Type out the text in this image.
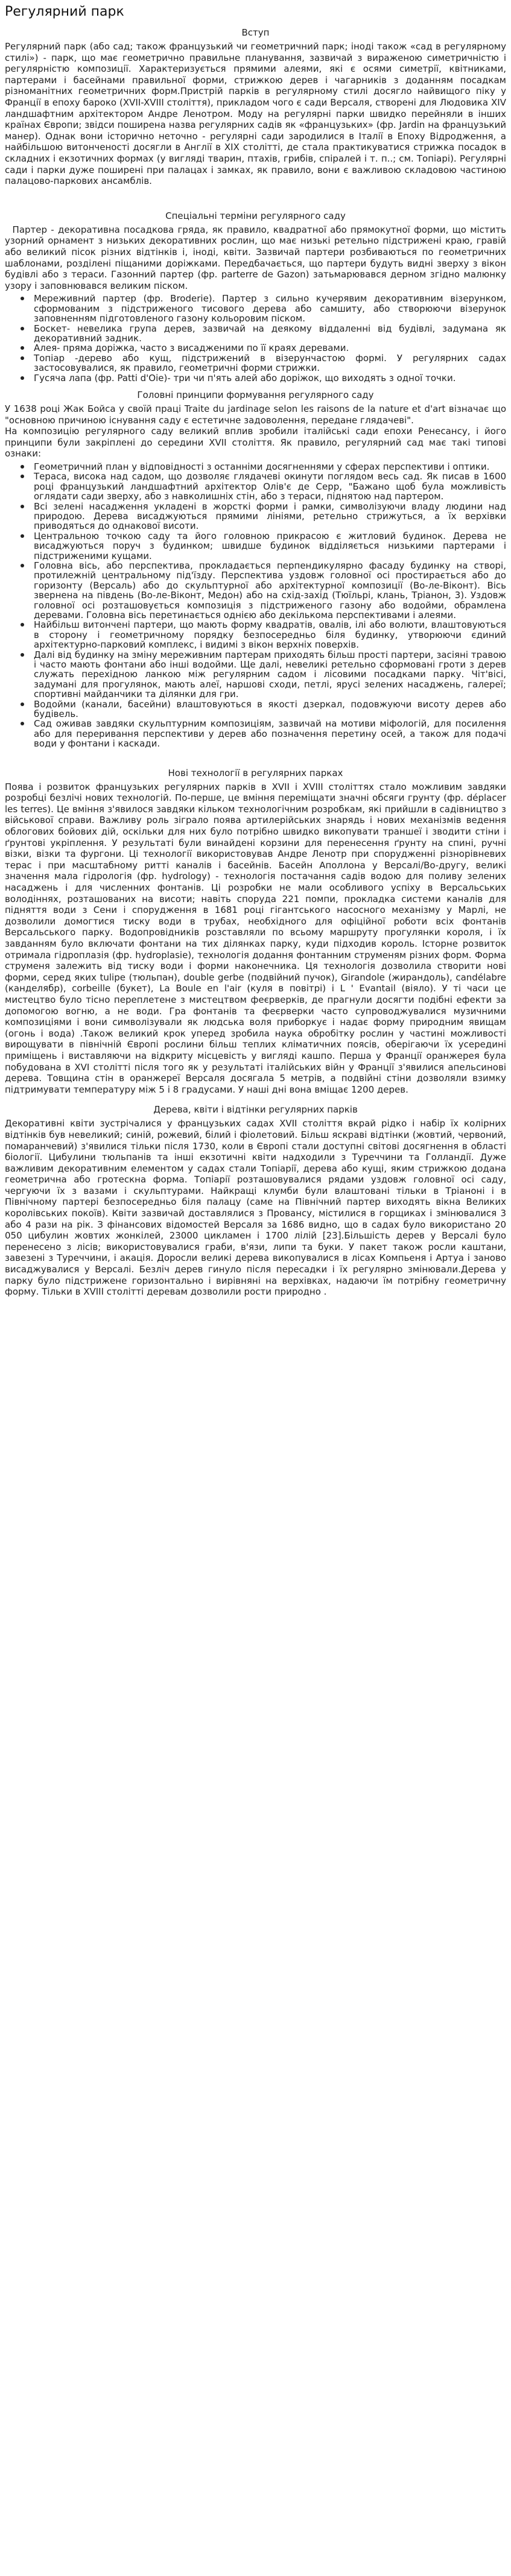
Регулярний парк
Вступ

Регулярний парк (або сад; також французький чи геометричний парк; іноді також «сад в регулярному стилі») - парк, що має геометрично правильне планування, зазвичай з вираженою симетричністю і регулярністю композиції. Характеризується прямими алеями, які є осями симетрії, квітниками, партерами і басейнами правильної форми, стрижкою дерев і чагарників з доданням посадкам різноманітних геометричних форм.Пристрій парків в регулярному стилі досягло найвищого піку у Франції в епоху бароко (XVII-XVIII століття), прикладом чого є сади Версаля, створені для Людовика XIV ландшафтним архітектором Андре Ленотром. Моду на регулярні парки швидко перейняли в інших країнах Європи; звідси поширена назва регулярних садів як «французьких» (фр. Jardin на французький манер). Однак вони історично неточно - регулярні сади зародилися в Італії в Епоху Відродження, а найбільшою витонченості досягли в Англії в XIX столітті, де стала практикуватися стрижка посадок в складних і екзотичних формах (у вигляді тварин, птахів, грибів, спіралей і т. п..; см. Топіарі). Регулярні сади і парки дуже поширені при палацах і замках, як правило, вони є важливою складовою частиною палацово-паркових ансамблів.

Спеціальні терміни регулярного саду

Партер - декоративна посадкова гряда, як правило, квадратної або прямокутної форми, що містить узорний орнамент з низьких декоративних рослин, що має низькі ретельно підстрижені краю, гравій або великий пісок різних відтінків і, іноді, квіти. Зазвичай партери розбиваються по геометричних шаблонами, розділені піщаними доріжками. Передбачається, що партери будуть видні зверху з вікон будівлі або з тераси. Газонний партер (фр. parterre de Gazon) затьмарювався дерном згідно малюнку узору і заповнювався великим піском.

Мереживний партер (фр. Broderie). Партер з сильно кучерявим декоративним візерунком, сформованим з підстриженого тисового дерева або самшиту, або створюючи візерунок заповненням підготовленого газону кольоровим піском.
Боскет- невелика група дерев, зазвичай на деякому віддаленні від будівлі, задумана як декоративний задник.
Алея- пряма доріжка, часто з висадженими по її краях деревами.
Топіар -дерево або кущ, підстрижений в візерунчастою формі. У регулярних садах застосовувалися, як правило, геометричні форми стрижки.
Гусяча лапа (фр. Patti d'Oie)- три чи п'ять алей або доріжок, що виходять з одної точки.
Головні принципи формування регулярного саду

У 1638 році Жак Бойса у своїй праці Traite du jardinage selon les raisons de la nature et d'art візначає що "основною причиною існування саду є естетичне задоволення, передане глядачеві".

На композицію регулярного саду великий вплив зробили італійські сади епохи Ренесансу, і його принципи були закріплені до середини XVII століття. Як правило, регулярний сад має такі типові ознаки:

Геометричний план у відповідності з останніми досягненнями у сферах перспективи і оптики.
Тераса, висока над садом, що дозволяє глядачеві окинути поглядом весь сад. Як писав в 1600 році французький ландшафтний архітектор Олів'є де Серр, "Бажано щоб була можливість оглядати сади зверху, або з навколишніх стін, або з тераси, піднятою над партером.
Всі зелені насадження укладені в жорсткі форми і рамки, символізуючи владу людини над природою. Дерева висаджуються прямими лініями, ретельно стрижуться, а їх верхівки приводяться до однакової висоти.
Центральною точкою саду та його головною прикрасою є житловий будинок. Дерева не висаджуються поруч з будинком; швидше будинок відділяється низькими партерами і підстриженими кущами.
Головна вісь, або перспектива, прокладається перпендикулярно фасаду будинку на створі, протилежній центральному під'їзду. Перспектива уздовж головної осі простирається або до горизонту (Версаль) або до скульптурної або архітектурної композиції (Во-ле-Віконт). Вісь звернена на південь (Во-ле-Віконт, Медон) або на схід-захід (Тюїльрі, клань, Тріанон, 3). Уздовж головної осі розташовується композиція з підстриженого газону або водойми, обрамлена деревами. Головна вісь перетинається однією або декількома перспективами і алеями.
Найбільш витончені партери, що мають форму квадратів, овалів, ілі або волюти, влаштовуються в сторону і геометричному порядку безпосередньо біля будинку, утворюючи єдиний архітектурно-парковий комплекс, і видимі з вікон верхніх поверхів.
Далі від будинку на зміну мереживним партерам приходять більш прості партери, засіяні травою і часто мають фонтани або інші водойми. Ще далі, невеликі ретельно сформовані гроти з дерев служать перехідною ланкою між регулярним садом і лісовими посадками парку. Чіт'вісі, задумані для прогулянок, мають алеї, наршові сходи, петлі, ярусі зелених насаджень, галереї; спортивні майданчики та ділянки для гри.
Водойми (канали, басейни) влаштовуються в якості дзеркал, подовжуючи висоту дерев або будівель.
Сад оживав завдяки скульптурним композиціям, зазвичай на мотиви міфологій, для посилення або для переривання перспективи у дерев або позначення перетину осей, а також для подачі води у фонтани і каскади.
Нові технології в регулярних парках

Поява і розвиток французьких регулярних парків в XVII і XVIII століттях стало можливим завдяки розробці безлічі нових технологій. По-перше, це вміння переміщати значні обсяги грунту (фр. déplacer les terres). Це вміння з'явилося завдяки кільком технологічним розробкам, які прийшли в садівництво з військової справи. Важливу роль зіграло поява артилерійських знарядь і нових механізмів ведення облогових бойових дій, оскільки для них було потрібно швидко викопувати траншеї і зводити стіни і ґрунтові укріплення. У результаті були винайдені корзини для перенесення ґрунту на спині, ручні візки, візки та фургони. Ці технології використовував Андре Ленотр при спорудженні різнорівневих терас і при масштабному ритті каналів і басейнів. Басейн Аполлона у Версалі/Во-другу, великі значення мала гідрологія (фр. hydrology) - технологія постачання садів водою для поливу зелених насаджень і для численних фонтанів. Ці розробки не мали особливого успіху в Версальських володіннях, розташованих на висоти; навіть споруда 221 помпи, прокладка системи каналів для підняття води з Сени і спорудження в 1681 році гігантського насосного механізму у Марлі, не дозволили домогтися тиску води в трубах, необхідного для офіційної роботи всіх фонтанів Версальського парку. Водопровідників розставляли по всьому маршруту прогулянки короля, і їх завданням було включати фонтани на тих ділянках парку, куди підходив король. Історне розвиток отримала гідроплазія (фр. hydroplasie), технологія додання фонтанним струменям різних форм. Форма струменя залежить від тиску води і форми наконечника. Ця технологія дозволила створити нові форми, серед яких tulipe (тюльпан), double gerbe (подвійний пучок), Girandole (жирандоль), candélabre (канделябр), corbeille (букет), La Boule en l'air (куля в повітрі) і L ' Evantail (віяло). У ті часи це мистецтво було тісно переплетене з мистецтвом феєрверків, де прагнули досягти подібні ефекти за допомогою вогню, а не води. Гра фонтанів та феєрверки часто супроводжувалися музичними композиціями і вони символізували як людська воля приборкує і надає форму природним явищам (огонь і вода) .Також великий крок уперед зробила наука обробітку рослин у частині можливості вирощувати в північній Європі рослини більш теплих кліматичних поясів, оберігаючи їх усередині приміщень і виставляючи на відкриту місцевість у вигляді кашпо. Перша у Франції оранжерея була побудована в XVI столітті після того як у результаті італійських війн у Франції з'явилися апельсинові дерева. Товщина стін в оранжереї Версаля досягала 5 метрів, а подвійні стіни дозволяли взимку підтримувати температуру між 5 і 8 градусами. У наші дні вона вміщає 1200 дерев.

Дерева, квіти і відтінки регулярних парків

Декоративні квіти зустрічалися у французьких садах XVII століття вкрай рідко і набір їх колірних відтінків був невеликий; синій, рожевий, білий і фіолетовий. Більш яскраві відтінки (жовтий, червоний, помаранчевий) з'явилися тільки після 1730, коли в Європі стали доступні світові досягнення в області біології. Цибулини тюльпанів та інші екзотичні квіти надходили з Туреччини та Голландії. Дуже важливим декоративним елементом у садах стали Топіарії, дерева або кущі, яким стрижкою додана геометрична або гротескна форма. Топіарії розташовувалися рядами уздовж головної осі саду, чергуючи їх з вазами і скульптурами. Найкращі клумби були влаштовані тільки в Тріаноні і в Північному партері безпосередньо біля палацу (саме на Північний партер виходять вікна Великих королівських покоїв). Квіти зазвичай доставлялися з Провансу, містилися в горщиках і змінювалися 3 або 4 рази на рік. З фінансових відомостей Версаля за 1686 видно, що в садах було використано 20 050 цибулин жовтих жонкілей, 23000 цикламен і 1700 лілій [23].Більшість дерев у Версалі було перенесено з лісів; використовувалися граби, в'язи, липи та буки. У пакет також росли каштани, завезені з Туреччини, і акація. Доросли великі дерева викопувалися в лісах Компьеня і Артуа і заново висаджувалися у Версалі. Безліч дерев гинуло після пересадки і їх регулярно змінювали.Дерева у парку було підстрижене горизонтально і вирівняні на верхівках, надаючи їм потрібну геометричну форму. Тільки в XVIII столітті деревам дозволили рости природно .
